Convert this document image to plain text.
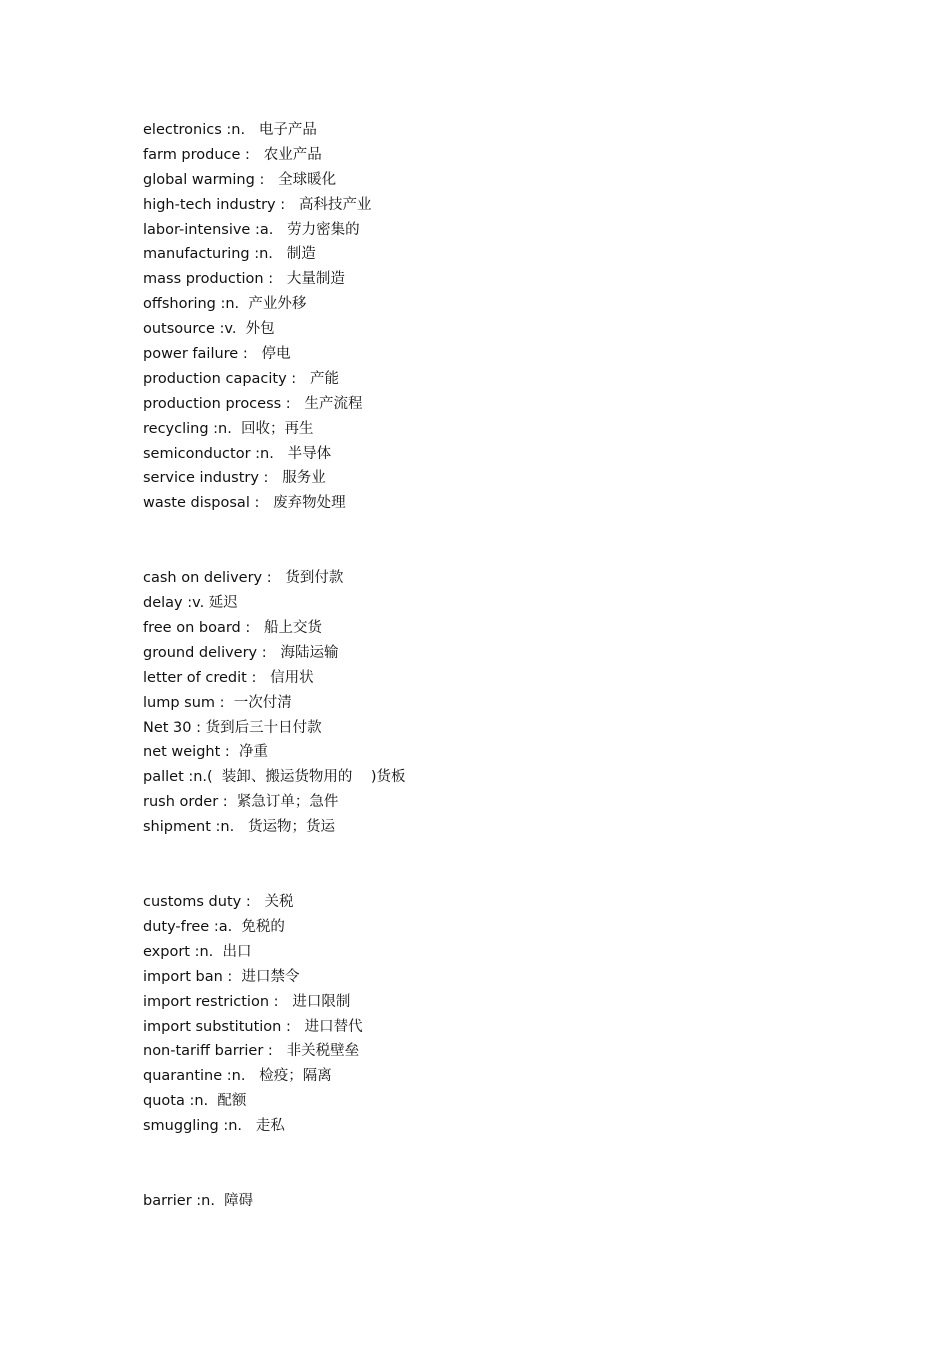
electronics :n.   电子产品
farm produce :   农业产品
global warming :   全球暖化
high-tech industry :   高科技产业
labor-intensive :a.   劳力密集的
manufacturing :n.   制造
mass production :   大量制造
offshoring :n.  产业外移
outsource :v.  外包
power failure :   停电
production capacity :   产能
production process :   生产流程
recycling :n.  回收；再生
semiconductor :n.   半导体
service industry :   服务业
waste disposal :   废弃物处理
cash on delivery :   货到付款
delay :v. 延迟
free on board :   船上交货
ground delivery :   海陆运输
letter of credit :   信用状
lump sum :  一次付清
Net 30 : 货到后三十日付款
net weight :  净重
pallet :n.(  装卸、搬运货物用的    )货板
rush order :  紧急订单；急件
shipment :n.   货运物；货运
customs duty :   关税
duty-free :a.  免税的
export :n.  出口
import ban :  进口禁令
import restriction :   进口限制
import substitution :   进口替代
non-tariff barrier :   非关税壁垒
quarantine :n.   检疫；隔离
quota :n.  配额
smuggling :n.   走私
barrier :n.  障碍
